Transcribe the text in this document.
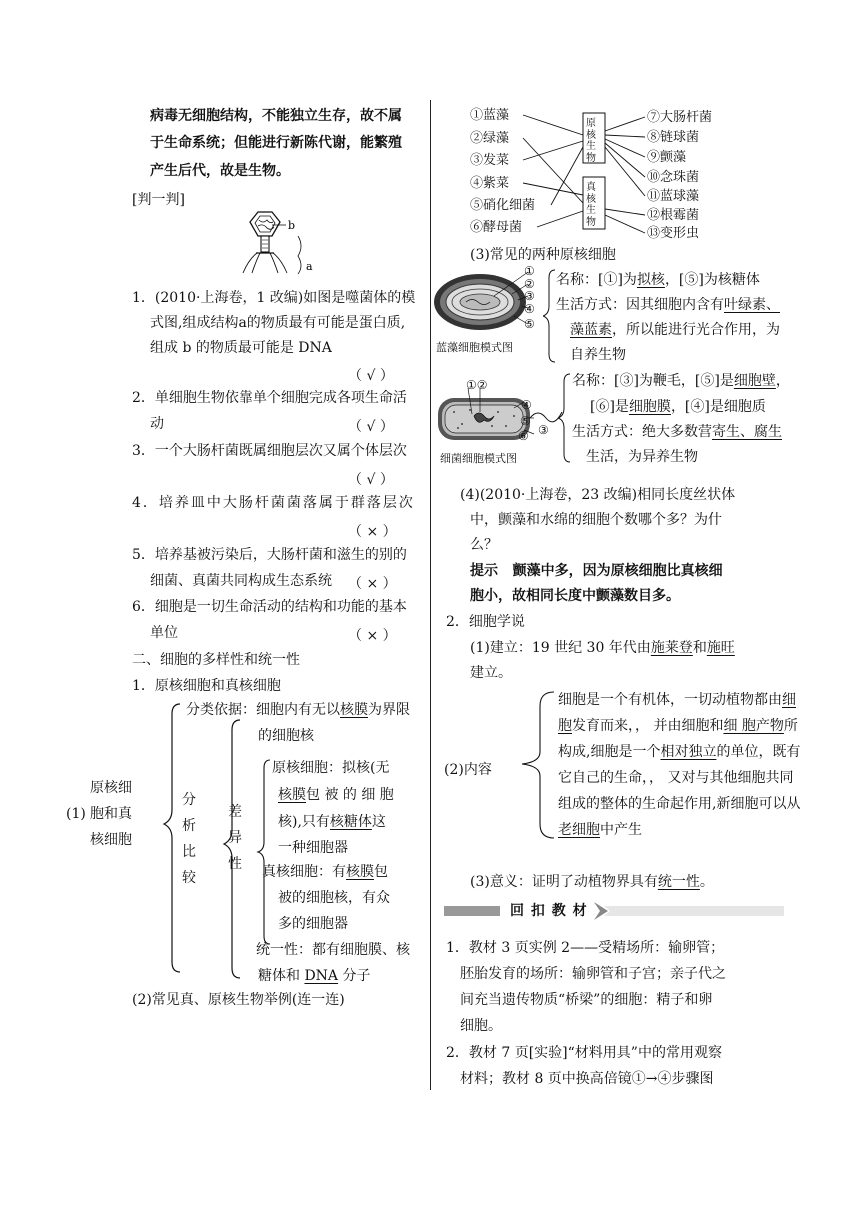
病毒无细胞结构，不能独立生存，故不属
于生命系统；但能进行新陈代谢，能繁殖
产生后代，故是生物。
[判一判]
b
a
1．(2010·上海卷，1 改编)如图是噬菌体的模
式图,组成结构a的物质最有可能是蛋白质,
组成 b 的物质最可能是 DNA
（ √ ）
2．单细胞生物依靠单个细胞完成各项生命活
动	（ √ ）
3．一个大肠杆菌既属细胞层次又属个体层次
（ √ ）
4．培养皿中大肠杆菌菌落属于群落层次
（ × ）
5．培养基被污染后，大肠杆菌和滋生的别的
细菌、真菌共同构成生态系统 （ × ）
6．细胞是一切生命活动的结构和功能的基本
单位	（ × ）
二、细胞的多样性和统一性
1．原核细胞和真核细胞
原核细
(1) 胞和真
核细胞
分
析
比
较
差
异
性
分类依据：细胞内有无以核膜为界限
的细胞核
原核细胞：拟核(无
核膜包 被 的 细 胞
核),只有核糖体这
一种细胞器
真核细胞：有核膜包
被的细胞核，有众
多的细胞器
统一性：都有细胞膜、核
糖体和 DNA 分子
(2)常见真、原核生物举例(连一连)
①蓝藻
②绿藻
③发菜
④紫菜
⑤硝化细菌
⑥酵母菌
⑦大肠杆菌
⑧链球菌
⑨颤藻
⑩念珠菌
⑪蓝球藻
⑫根霉菌
⑬变形虫
原
核
生
物
真
核
生
物
(3)常见的两种原核细胞
①
②
③
④
⑤
蓝藻细胞模式图
名称：[①]为拟核，[⑤]为核糖体
生活方式：因其细胞内含有叶绿素、
藻蓝素，所以能进行光合作用，为
自养生物
①②
④
⑤
⑥ ③
细菌细胞模式图
名称：[③]为鞭毛，[⑤]是细胞壁，
[⑥]是细胞膜，[④]是细胞质
生活方式：绝大多数营寄生、腐生
生活，为异养生物
(4)(2010·上海卷，23 改编)相同长度丝状体
中，颤藻和水绵的细胞个数哪个多？为什
么？
提示 颤藻中多，因为原核细胞比真核细
胞小，故相同长度中颤藻数目多。
2．细胞学说
(1)建立：19 世纪 30 年代由施莱登和施旺
建立。
(2)内容
细胞是一个有机体，一切动植物都由细
胞发育而来，， 并由细胞和细 胞产物所
构成,细胞是一个相对独立的单位，既有
它自己的生命，， 又对与其他细胞共同
组成的整体的生命起作用,新细胞可以从
老细胞中产生
(3)意义：证明了动植物界具有统一性。
回 扣 教 材
1．教材 3 页实例 2——受精场所：输卵管；
胚胎发育的场所：输卵管和子宫；亲子代之
间充当遗传物质“桥梁”的细胞：精子和卵
细胞。
2．教材 7 页[实验]“材料用具”中的常用观察
材料；教材 8 页中换高倍镜①→④步骤图
